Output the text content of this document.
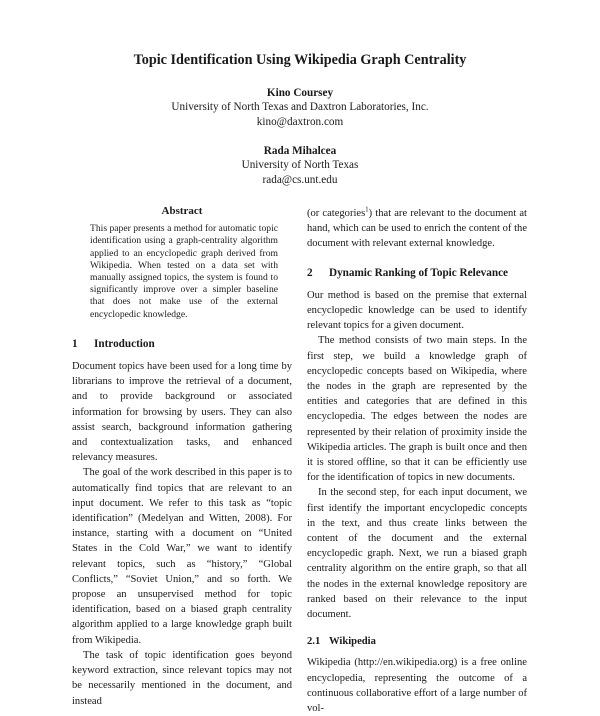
Topic Identification Using Wikipedia Graph Centrality
Kino Coursey
University of North Texas and Daxtron Laboratories, Inc.
kino@daxtron.com
Rada Mihalcea
University of North Texas
rada@cs.unt.edu
Abstract

This paper presents a method for automatic topic identification using a graph-centrality algorithm applied to an encyclopedic graph derived from Wikipedia. When tested on a data set with manually assigned topics, the system is found to significantly improve over a simpler baseline that does not make use of the external encyclopedic knowledge.

1 Introduction

Document topics have been used for a long time by librarians to improve the retrieval of a document, and to provide background or associated information for browsing by users. They can also assist search, background information gathering and contextualization tasks, and enhanced relevancy measures.

The goal of the work described in this paper is to automatically find topics that are relevant to an input document. We refer to this task as “topic identification” (Medelyan and Witten, 2008). For instance, starting with a document on “United States in the Cold War,” we want to identify relevant topics, such as “history,” “Global Conflicts,” “Soviet Union,” and so forth. We propose an unsupervised method for topic identification, based on a biased graph centrality algorithm applied to a large knowledge graph built from Wikipedia.

The task of topic identification goes beyond keyword extraction, since relevant topics may not be necessarily mentioned in the document, and instead

(or categories$^1$) that are relevant to the document at hand, which can be used to enrich the content of the document with relevant external knowledge.

2 Dynamic Ranking of Topic Relevance

Our method is based on the premise that external encyclopedic knowledge can be used to identify relevant topics for a given document.

The method consists of two main steps. In the first step, we build a knowledge graph of encyclopedic concepts based on Wikipedia, where the nodes in the graph are represented by the entities and categories that are defined in this encyclopedia. The edges between the nodes are represented by their relation of proximity inside the Wikipedia articles. The graph is built once and then it is stored offline, so that it can be efficiently use for the identification of topics in new documents.

In the second step, for each input document, we first identify the important encyclopedic concepts in the text, and thus create links between the content of the document and the external encyclopedic graph. Next, we run a biased graph centrality algorithm on the entire graph, so that all the nodes in the external knowledge repository are ranked based on their relevance to the input document.

2.1 Wikipedia

Wikipedia (http://en.wikipedia.org) is a free online encyclopedia, representing the outcome of a continuous collaborative effort of a large number of vol-
